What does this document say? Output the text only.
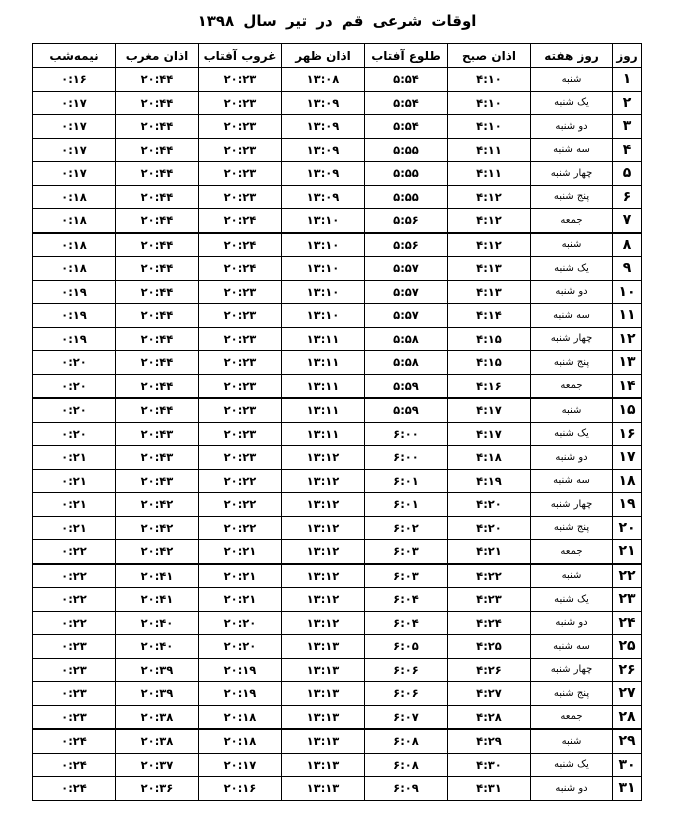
اوقات شرعی قم در تیر سال ۱۳۹۸
روز	روز هفته	اذان صبح	طلوع آفتاب	اذان ظهر	غروب آفتاب	اذان مغرب	نیمه‌شب
۱	شنبه	۴:۱۰	۵:۵۴	۱۳:۰۸	۲۰:۲۳	۲۰:۴۴	۰:۱۶
۲	یک شنبه	۴:۱۰	۵:۵۴	۱۳:۰۹	۲۰:۲۳	۲۰:۴۴	۰:۱۷
۳	دو شنبه	۴:۱۰	۵:۵۴	۱۳:۰۹	۲۰:۲۳	۲۰:۴۴	۰:۱۷
۴	سه شنبه	۴:۱۱	۵:۵۵	۱۳:۰۹	۲۰:۲۳	۲۰:۴۴	۰:۱۷
۵	چهار شنبه	۴:۱۱	۵:۵۵	۱۳:۰۹	۲۰:۲۳	۲۰:۴۴	۰:۱۷
۶	پنج شنبه	۴:۱۲	۵:۵۵	۱۳:۰۹	۲۰:۲۳	۲۰:۴۴	۰:۱۸
۷	جمعه	۴:۱۲	۵:۵۶	۱۳:۱۰	۲۰:۲۴	۲۰:۴۴	۰:۱۸
۸	شنبه	۴:۱۲	۵:۵۶	۱۳:۱۰	۲۰:۲۴	۲۰:۴۴	۰:۱۸
۹	یک شنبه	۴:۱۳	۵:۵۷	۱۳:۱۰	۲۰:۲۴	۲۰:۴۴	۰:۱۸
۱۰	دو شنبه	۴:۱۳	۵:۵۷	۱۳:۱۰	۲۰:۲۳	۲۰:۴۴	۰:۱۹
۱۱	سه شنبه	۴:۱۴	۵:۵۷	۱۳:۱۰	۲۰:۲۳	۲۰:۴۴	۰:۱۹
۱۲	چهار شنبه	۴:۱۵	۵:۵۸	۱۳:۱۱	۲۰:۲۳	۲۰:۴۴	۰:۱۹
۱۳	پنج شنبه	۴:۱۵	۵:۵۸	۱۳:۱۱	۲۰:۲۳	۲۰:۴۴	۰:۲۰
۱۴	جمعه	۴:۱۶	۵:۵۹	۱۳:۱۱	۲۰:۲۳	۲۰:۴۴	۰:۲۰
۱۵	شنبه	۴:۱۷	۵:۵۹	۱۳:۱۱	۲۰:۲۳	۲۰:۴۴	۰:۲۰
۱۶	یک شنبه	۴:۱۷	۶:۰۰	۱۳:۱۱	۲۰:۲۳	۲۰:۴۳	۰:۲۰
۱۷	دو شنبه	۴:۱۸	۶:۰۰	۱۳:۱۲	۲۰:۲۳	۲۰:۴۳	۰:۲۱
۱۸	سه شنبه	۴:۱۹	۶:۰۱	۱۳:۱۲	۲۰:۲۲	۲۰:۴۳	۰:۲۱
۱۹	چهار شنبه	۴:۲۰	۶:۰۱	۱۳:۱۲	۲۰:۲۲	۲۰:۴۲	۰:۲۱
۲۰	پنج شنبه	۴:۲۰	۶:۰۲	۱۳:۱۲	۲۰:۲۲	۲۰:۴۲	۰:۲۱
۲۱	جمعه	۴:۲۱	۶:۰۳	۱۳:۱۲	۲۰:۲۱	۲۰:۴۲	۰:۲۲
۲۲	شنبه	۴:۲۲	۶:۰۳	۱۳:۱۲	۲۰:۲۱	۲۰:۴۱	۰:۲۲
۲۳	یک شنبه	۴:۲۳	۶:۰۴	۱۳:۱۲	۲۰:۲۱	۲۰:۴۱	۰:۲۲
۲۴	دو شنبه	۴:۲۴	۶:۰۴	۱۳:۱۲	۲۰:۲۰	۲۰:۴۰	۰:۲۲
۲۵	سه شنبه	۴:۲۵	۶:۰۵	۱۳:۱۳	۲۰:۲۰	۲۰:۴۰	۰:۲۳
۲۶	چهار شنبه	۴:۲۶	۶:۰۶	۱۳:۱۳	۲۰:۱۹	۲۰:۳۹	۰:۲۳
۲۷	پنج شنبه	۴:۲۷	۶:۰۶	۱۳:۱۳	۲۰:۱۹	۲۰:۳۹	۰:۲۳
۲۸	جمعه	۴:۲۸	۶:۰۷	۱۳:۱۳	۲۰:۱۸	۲۰:۳۸	۰:۲۳
۲۹	شنبه	۴:۲۹	۶:۰۸	۱۳:۱۳	۲۰:۱۸	۲۰:۳۸	۰:۲۴
۳۰	یک شنبه	۴:۳۰	۶:۰۸	۱۳:۱۳	۲۰:۱۷	۲۰:۳۷	۰:۲۴
۳۱	دو شنبه	۴:۳۱	۶:۰۹	۱۳:۱۳	۲۰:۱۶	۲۰:۳۶	۰:۲۴
